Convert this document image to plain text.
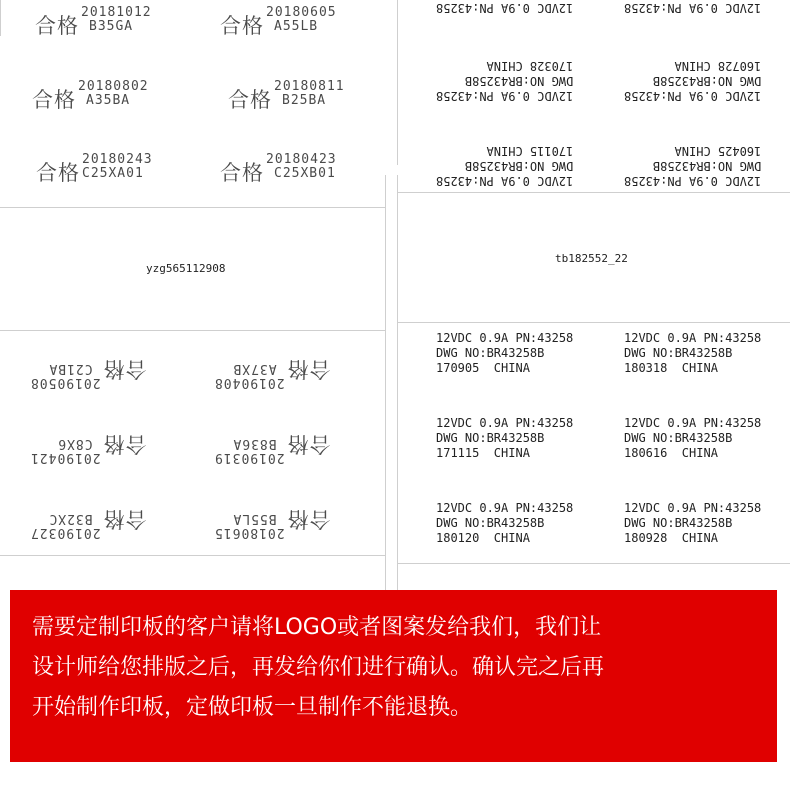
合格
20181012
B35GA	合格
20180605
A55LB
合格
20180802
A35BA	合格
20180811
B25BA
合格
20180243
C25XA01	合格
20180423
C25XB01
12VDC 0.9A PN:43258	12VDC 0.9A PN:43258
12VDC 0.9A PN:43258
DWG NO:BR43258B
170328 CHINA
12VDC 0.9A PN:43258
DWG NO:BR43258B
160728 CHINA
12VDC 0.9A PN:43258
DWG NO:BR43258B
170115 CHINA
12VDC 0.9A PN:43258
DWG NO:BR43258B
160425 CHINA
yzg565112908
tb182552_22
合格
20190508
C21BA	合格
20190408
A37XB
合格
20190421
C8X6	合格
20190319
B836A
合格
20190327
B32XC	合格
20180615
B55LA
12VDC 0.9A PN:43258
DWG NO:BR43258B
170905  CHINA
12VDC 0.9A PN:43258
DWG NO:BR43258B
180318  CHINA
12VDC 0.9A PN:43258
DWG NO:BR43258B
171115  CHINA
12VDC 0.9A PN:43258
DWG NO:BR43258B
180616  CHINA
12VDC 0.9A PN:43258
DWG NO:BR43258B
180120  CHINA
12VDC 0.9A PN:43258
DWG NO:BR43258B
180928  CHINA
需要定制印板的客户请将LOGO或者图案发给我们，我们让
设计师给您排版之后，再发给你们进行确认。确认完之后再
开始制作印板，定做印板一旦制作不能退换。
